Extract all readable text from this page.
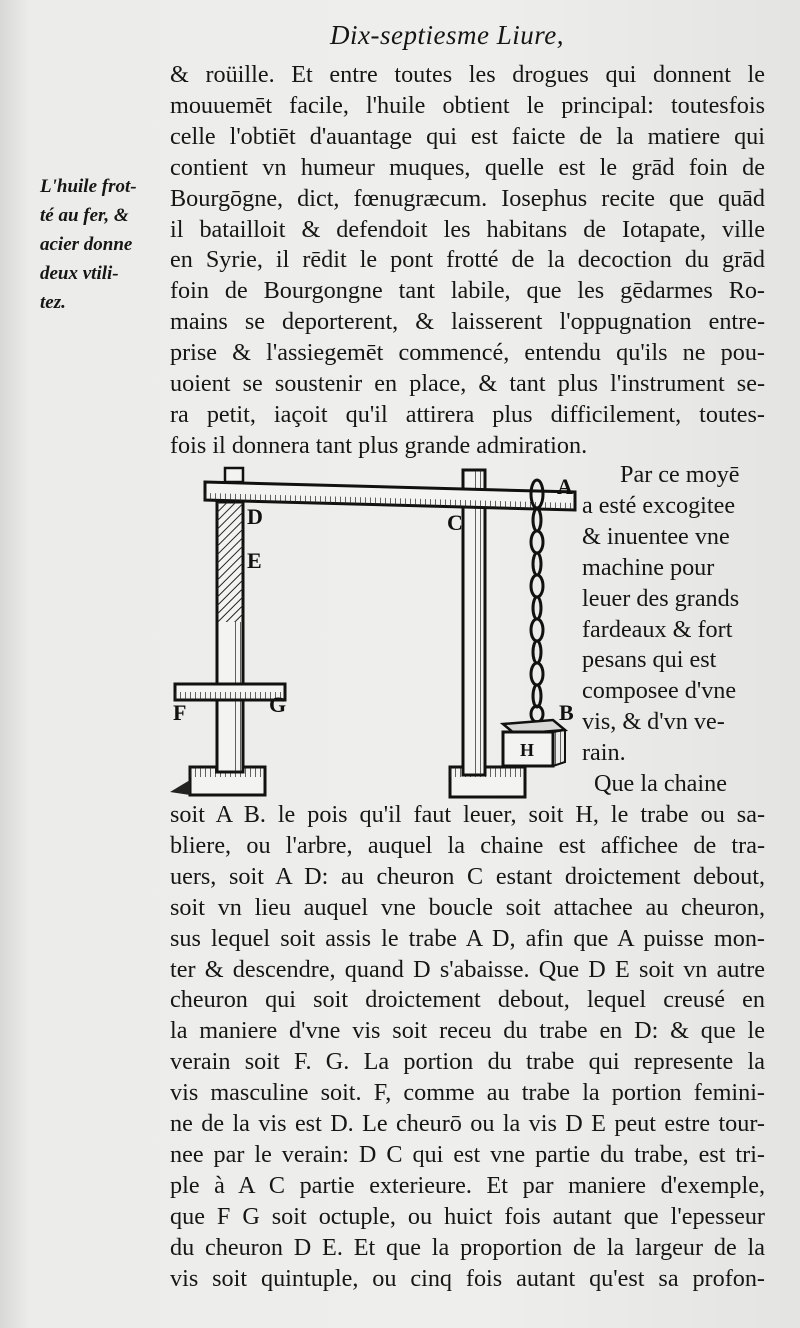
Dix-septiesme Liure,
L'huile frot-
té au fer, &
acier donne
deux vtili-
tez.
& roüille. Et entre toutes les drogues qui donnent le
mouuemēt facile, l'huile obtient le principal: toutesfois
celle l'obtiēt d'auantage qui est faicte de la matiere qui
contient vn humeur muques, quelle est le grād foin de
Bourgōgne, dict, fœnugræcum. Iosephus recite que quād
il batailloit & defendoit les habitans de Iotapate, ville
en Syrie, il rēdit le pont frotté de la decoction du grād
foin de Bourgongne tant labile, que les gēdarmes Ro-
mains se deporterent, & laisserent l'oppugnation entre-
prise & l'assiegemēt commencé, entendu qu'ils ne pou-
uoient se soustenir en place, & tant plus l'instrument se-
ra petit, iaçoit qu'il attirera plus difficilement, toutes-
fois il donnera tant plus grande admiration.
A
B
C
D
E
F	G
H
Par ce moyē
a esté excogitee
& inuentee vne
machine pour
leuer des grands
fardeaux & fort
pesans qui est
composee d'vne
vis, & d'vn ve-
rain.
Que la chaine
soit A B. le pois qu'il faut leuer, soit H, le trabe ou sa-
bliere, ou l'arbre, auquel la chaine est affichee de tra-
uers, soit A D: au cheuron C estant droictement debout,
soit vn lieu auquel vne boucle soit attachee au cheuron,
sus lequel soit assis le trabe A D, afin que A puisse mon-
ter & descendre, quand D s'abaisse. Que D E soit vn autre
cheuron qui soit droictement debout, lequel creusé en
la maniere d'vne vis soit receu du trabe en D: & que le
verain soit F. G. La portion du trabe qui represente la
vis masculine soit. F, comme au trabe la portion femini-
ne de la vis est D. Le cheurō ou la vis D E peut estre tour-
nee par le verain: D C qui est vne partie du trabe, est tri-
ple à A C partie exterieure. Et par maniere d'exemple,
que F G soit octuple, ou huict fois autant que l'epesseur
du cheuron D E. Et que la proportion de la largeur de la
vis soit quintuple, ou cinq fois autant qu'est sa profon-
